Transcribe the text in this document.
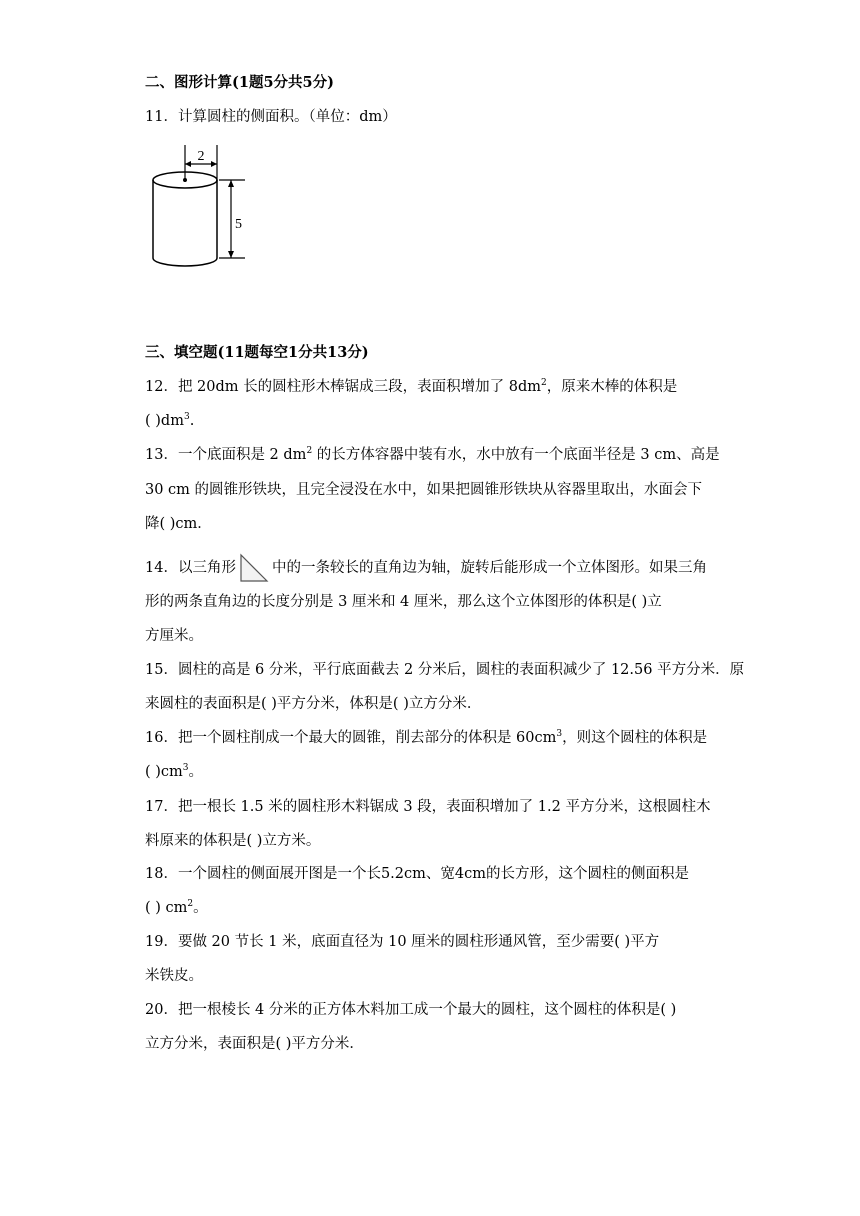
二、图形计算(1题5分共5分)
11．计算圆柱的侧面积。（单位：dm）
2
5
三、填空题(11题每空1分共13分)
12．把 20dm 长的圆柱形木棒锯成三段，表面积增加了 $8dm^2$，原来木棒的体积是
( )$dm^3$.
13．一个底面积是 2 $dm^2$ 的长方体容器中装有水，水中放有一个底面半径是 3 cm、高是
30 cm 的圆锥形铁块，且完全浸没在水中，如果把圆锥形铁块从容器里取出，水面会下
降( )cm．
14．以三角形 中的一条较长的直角边为轴，旋转后能形成一个立体图形。如果三角
形的两条直角边的长度分别是 3 厘米和 4 厘米，那么这个立体图形的体积是( )立
方厘米。
15．圆柱的高是 6 分米，平行底面截去 2 分米后，圆柱的表面积减少了 12.56 平方分米．原
来圆柱的表面积是( )平方分米，体积是( )立方分米．
16．把一个圆柱削成一个最大的圆锥，削去部分的体积是 $60cm^3$，则这个圆柱的体积是
( )$cm^3$。
17．把一根长 1.5 米的圆柱形木料锯成 3 段，表面积增加了 1.2 平方分米，这根圆柱木
料原来的体积是( )立方米。
18．一个圆柱的侧面展开图是一个长5.2cm、宽4cm的长方形，这个圆柱的侧面积是
( ) $cm^2$。
19．要做 20 节长 1 米，底面直径为 10 厘米的圆柱形通风管，至少需要( )平方
米铁皮。
20．把一根棱长 4 分米的正方体木料加工成一个最大的圆柱，这个圆柱的体积是( )
立方分米，表面积是( )平方分米．
